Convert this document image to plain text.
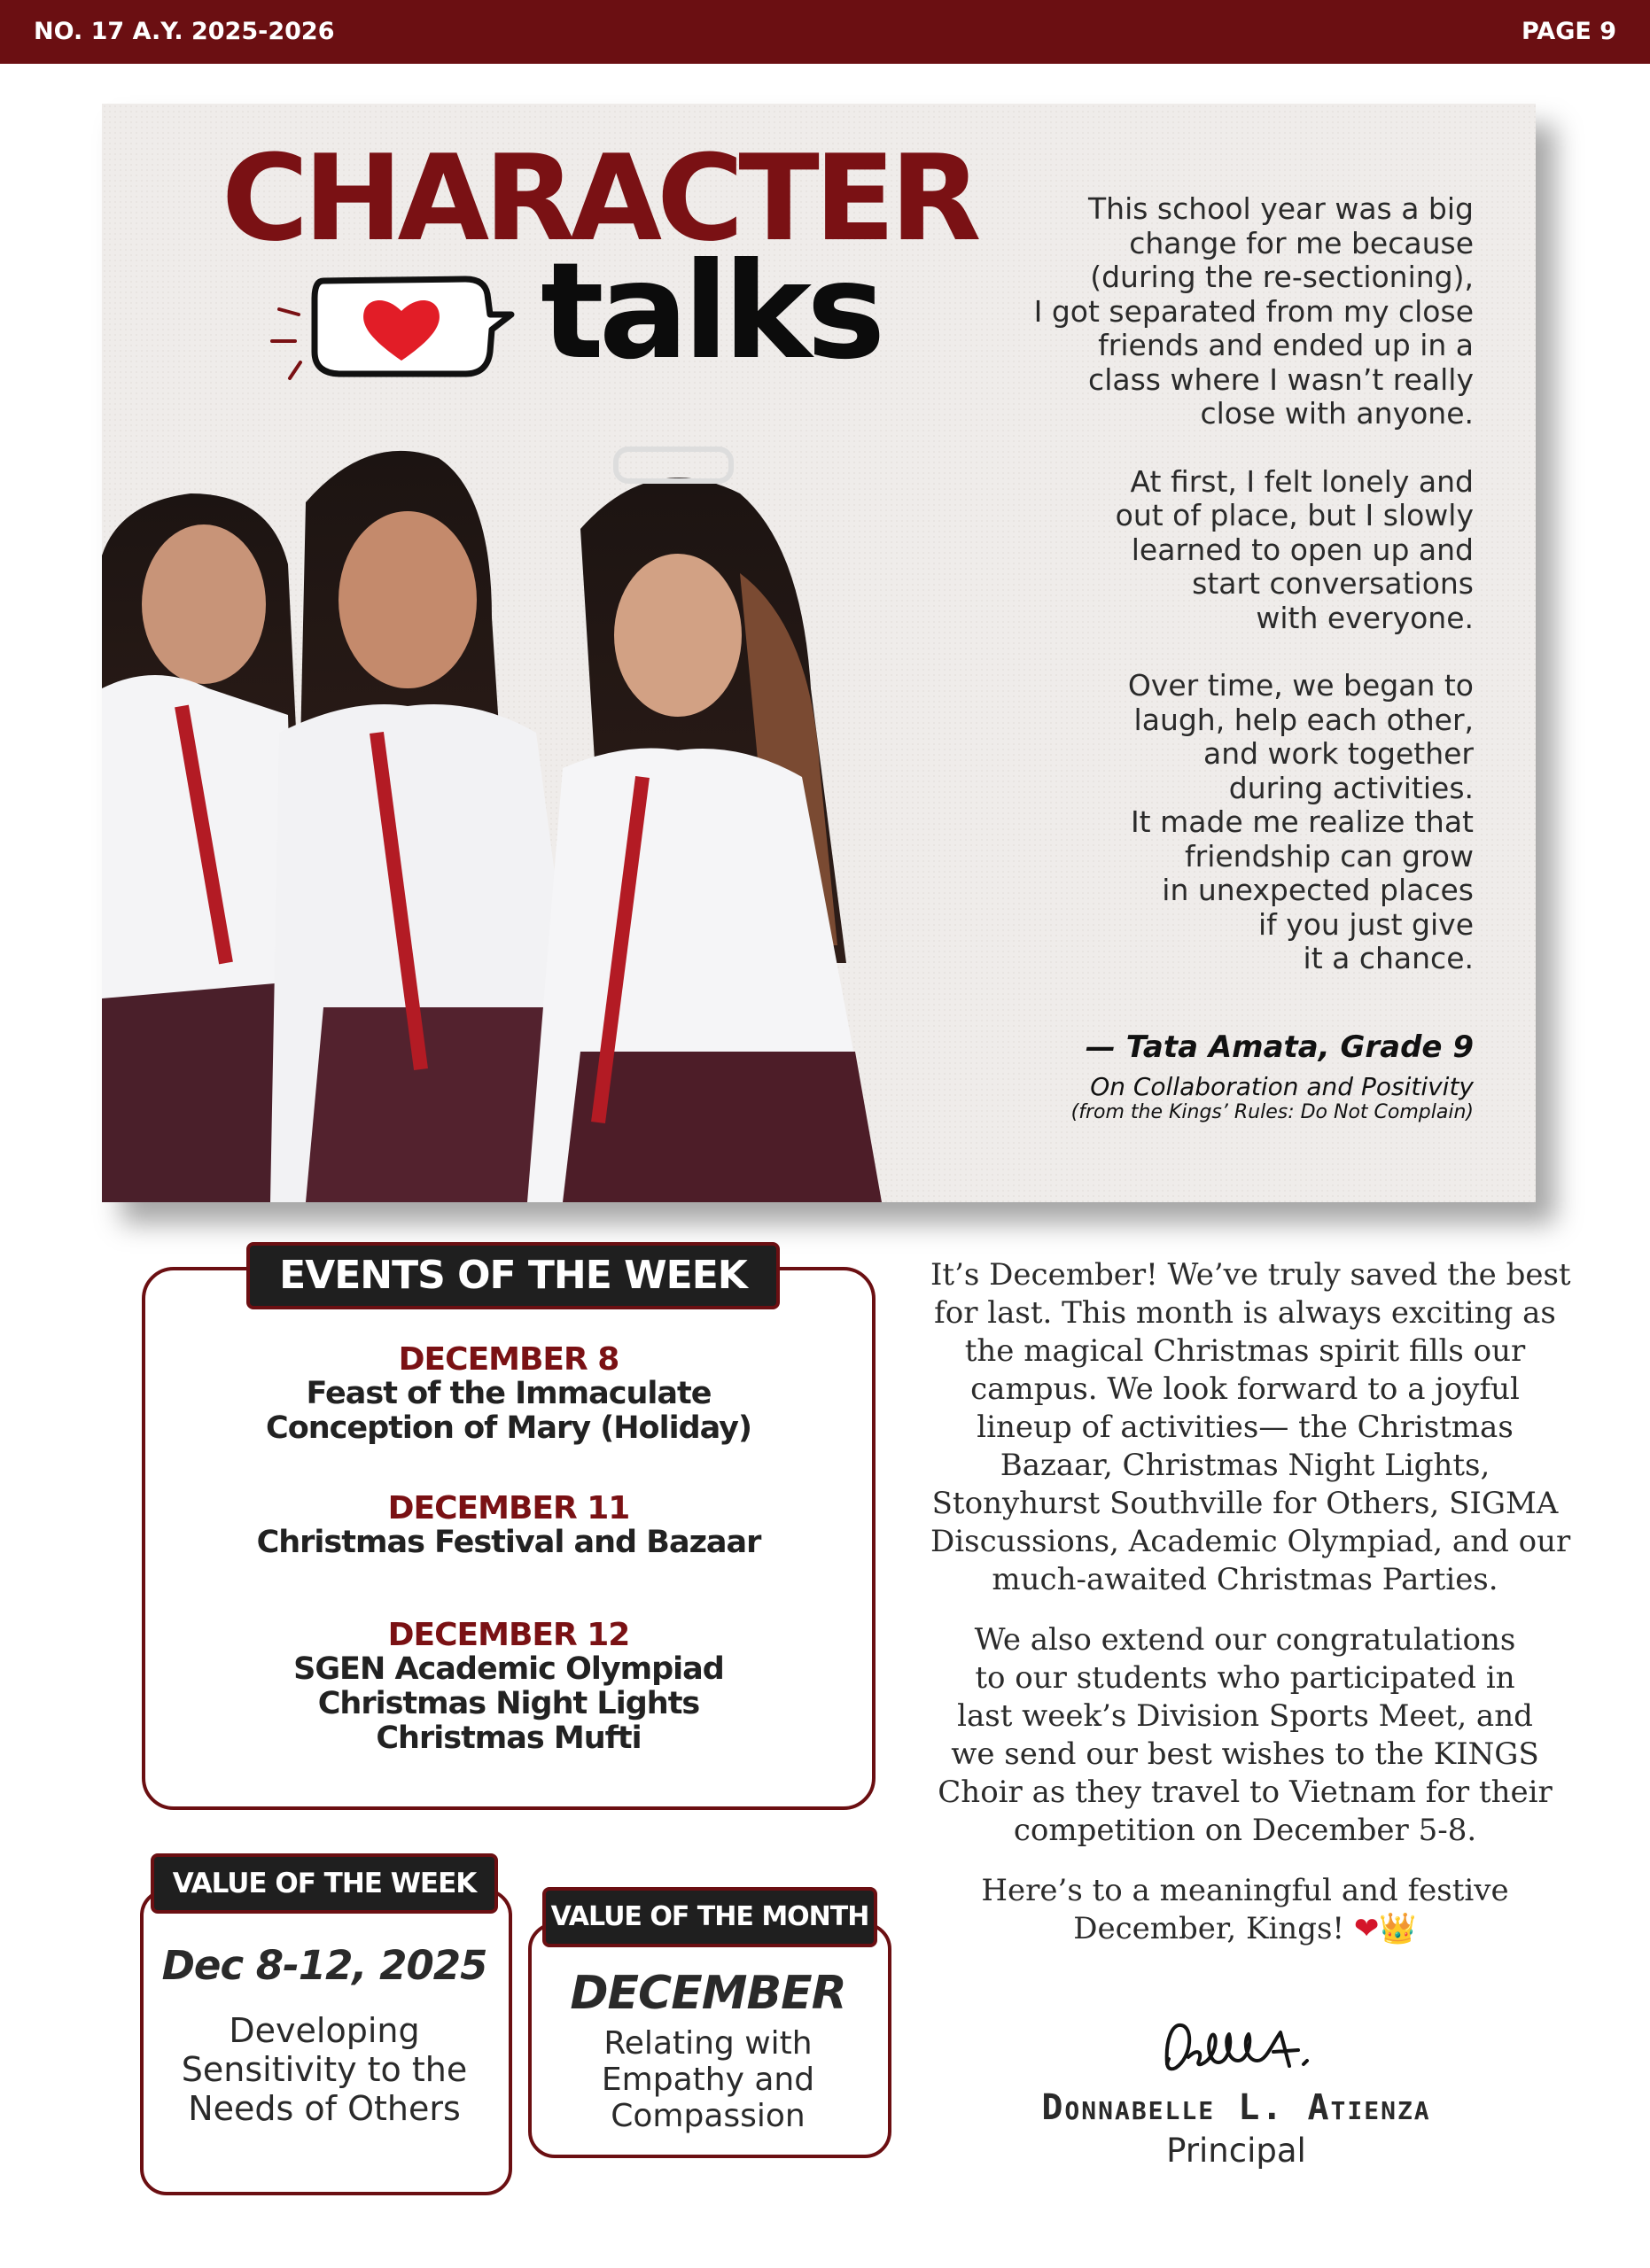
NO. 17 A.Y. 2025-2026	PAGE 9
CHARACTER
talks

This school year was a big
change for me because
(during the re-sectioning),
I got separated from my close
friends and ended up in a
class where I wasn’t really
close with anyone.

At first, I felt lonely and
out of place, but I slowly
learned to open up and
start conversations
with everyone.

Over time, we began to
laugh, help each other,
and work together
during activities.
It made me realize that
friendship can grow
in unexpected places
if you just give
it a chance.

— Tata Amata, Grade 9
On Collaboration and Positivity
(from the Kings’ Rules: Do Not Complain)
EVENTS OF THE WEEK
DECEMBER 8
Feast of the Immaculate
Conception of Mary (Holiday)
DECEMBER 11
Christmas Festival and Bazaar
DECEMBER 12
SGEN Academic Olympiad
Christmas Night Lights
Christmas Mufti
VALUE OF THE WEEK
Dec 8-12, 2025
Developing
Sensitivity to the
Needs of Others
VALUE OF THE MONTH
DECEMBER
Relating with
Empathy and
Compassion

It’s December! We’ve truly saved the best
for last. This month is always exciting as
the magical Christmas spirit fills our
campus. We look forward to a joyful
lineup of activities— the Christmas
Bazaar, Christmas Night Lights,
Stonyhurst Southville for Others, SIGMA
Discussions, Academic Olympiad, and our
much-awaited Christmas Parties.

We also extend our congratulations
to our students who participated in
last week’s Division Sports Meet, and
we send our best wishes to the KINGS
Choir as they travel to Vietnam for their
competition on December 5-8.

Here’s to a meaningful and festive
December, Kings! ❤👑

Donnabelle L. Atienza
Principal
